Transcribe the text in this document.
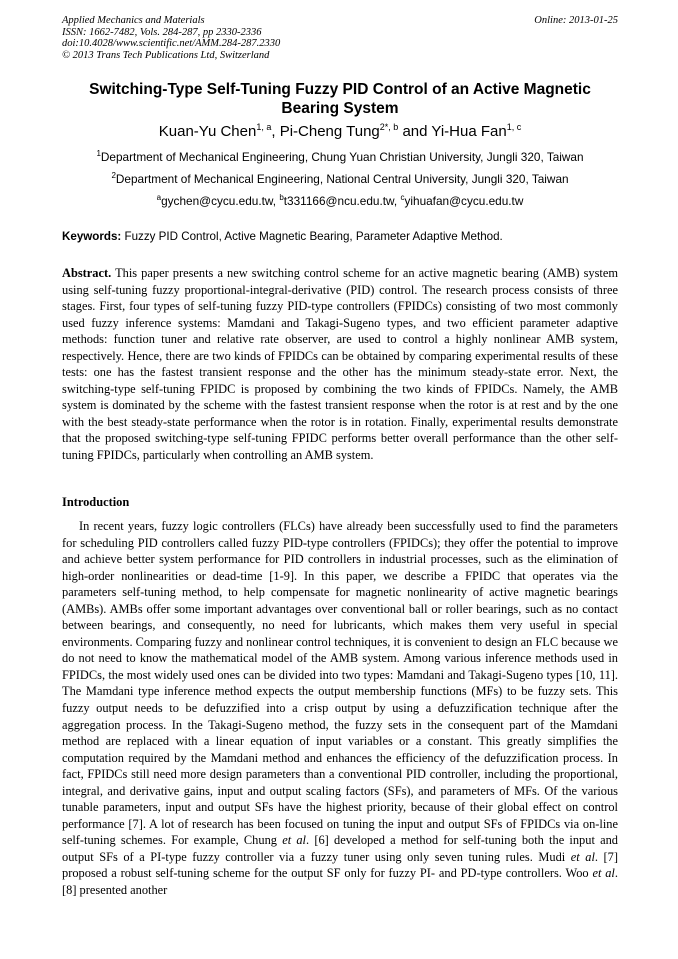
Applied Mechanics and Materials
ISSN: 1662-7482, Vols. 284-287, pp 2330-2336
doi:10.4028/www.scientific.net/AMM.284-287.2330
© 2013 Trans Tech Publications Ltd, Switzerland
Online: 2013-01-25
Switching-Type Self-Tuning Fuzzy PID Control of an Active Magnetic Bearing System
Kuan-Yu Chen$^{1, a}$, Pi-Cheng Tung$^{2*, b}$ and Yi-Hua Fan$^{1, c}$
$^1$Department of Mechanical Engineering, Chung Yuan Christian University, Jungli 320, Taiwan
$^2$Department of Mechanical Engineering, National Central University, Jungli 320, Taiwan
$^a$gychen@cycu.edu.tw, $^b$t331166@ncu.edu.tw, $^c$yihuafan@cycu.edu.tw
Keywords: Fuzzy PID Control, Active Magnetic Bearing, Parameter Adaptive Method.
Abstract. This paper presents a new switching control scheme for an active magnetic bearing (AMB) system using self-tuning fuzzy proportional-integral-derivative (PID) control. The research process consists of three stages. First, four types of self-tuning fuzzy PID-type controllers (FPIDCs) consisting of two most commonly used fuzzy inference systems: Mamdani and Takagi-Sugeno types, and two efficient parameter adaptive methods: function tuner and relative rate observer, are used to control a highly nonlinear AMB system, respectively. Hence, there are two kinds of FPIDCs can be obtained by comparing experimental results of these tests: one has the fastest transient response and the other has the minimum steady-state error. Next, the switching-type self-tuning FPIDC is proposed by combining the two kinds of FPIDCs. Namely, the AMB system is dominated by the scheme with the fastest transient response when the rotor is at rest and by the one with the best steady-state performance when the rotor is in rotation. Finally, experimental results demonstrate that the proposed switching-type self-tuning FPIDC performs better overall performance than the other self-tuning FPIDCs, particularly when controlling an AMB system.
Introduction
In recent years, fuzzy logic controllers (FLCs) have already been successfully used to find the parameters for scheduling PID controllers called fuzzy PID-type controllers (FPIDCs); they offer the potential to improve and achieve better system performance for PID controllers in industrial processes, such as the elimination of high-order nonlinearities or dead-time [1-9]. In this paper, we describe a FPIDC that operates via the parameters self-tuning method, to help compensate for magnetic nonlinearity of active magnetic bearings (AMBs). AMBs offer some important advantages over conventional ball or roller bearings, such as no contact between bearings, and consequently, no need for lubricants, which makes them very useful in special environments. Comparing fuzzy and nonlinear control techniques, it is convenient to design an FLC because we do not need to know the mathematical model of the AMB system. Among various inference methods used in FPIDCs, the most widely used ones can be divided into two types: Mamdani and Takagi-Sugeno types [10, 11]. The Mamdani type inference method expects the output membership functions (MFs) to be fuzzy sets. This fuzzy output needs to be defuzzified into a crisp output by using a defuzzification technique after the aggregation process. In the Takagi-Sugeno method, the fuzzy sets in the consequent part of the Mamdani method are replaced with a linear equation of input variables or a constant. This greatly simplifies the computation required by the Mamdani method and enhances the efficiency of the defuzzification process. In fact, FPIDCs still need more design parameters than a conventional PID controller, including the proportional, integral, and derivative gains, input and output scaling factors (SFs), and parameters of MFs. Of the various tunable parameters, input and output SFs have the highest priority, because of their global effect on control performance [7]. A lot of research has been focused on tuning the input and output SFs of FPIDCs via on-line self-tuning schemes. For example, Chung et al. [6] developed a method for self-tuning both the input and output SFs of a PI-type fuzzy controller via a fuzzy tuner using only seven tuning rules. Mudi et al. [7] proposed a robust self-tuning scheme for the output SF only for fuzzy PI- and PD-type controllers. Woo et al. [8] presented another
